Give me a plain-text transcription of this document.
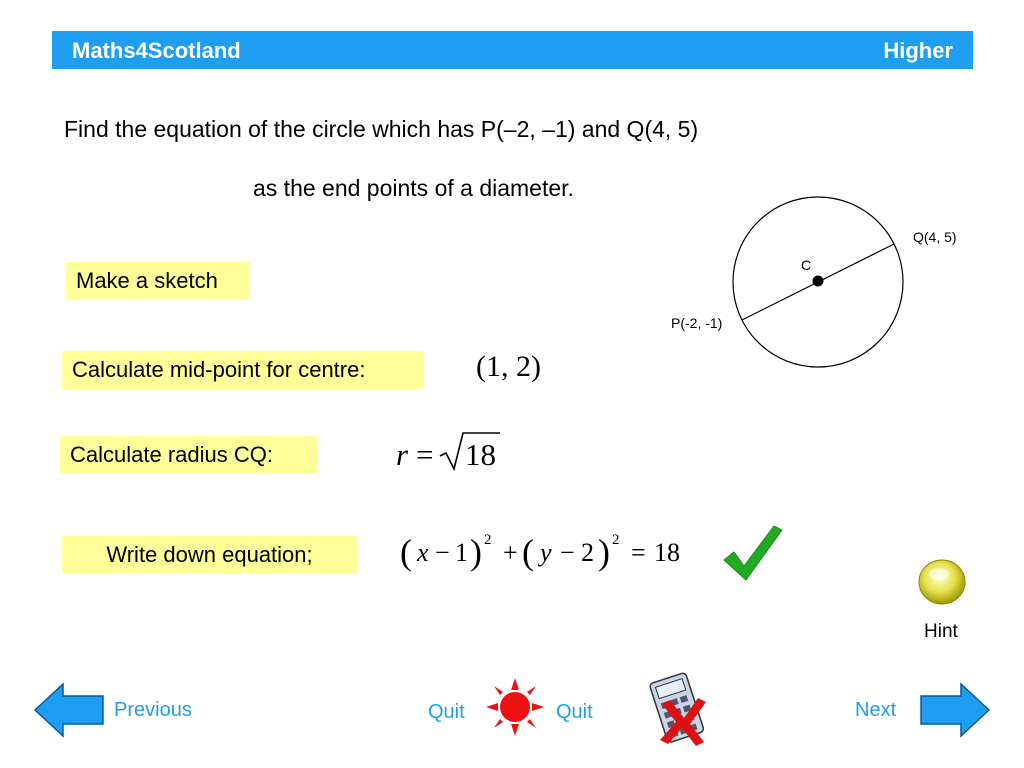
Maths4Scotland	Higher
Find the equation of the circle which has P(–2, –1) and Q(4, 5)
as the end points of a diameter.
Make a sketch
Calculate mid-point for centre:
Calculate radius CQ:
Write down equation;
(1, 2)
r = 18
( x − 1 ) 2 + ( y − 2 ) 2 = 18
C
Q(4, 5)
P(-2, -1)
Hint
Previous	Next
Quit	Quit
